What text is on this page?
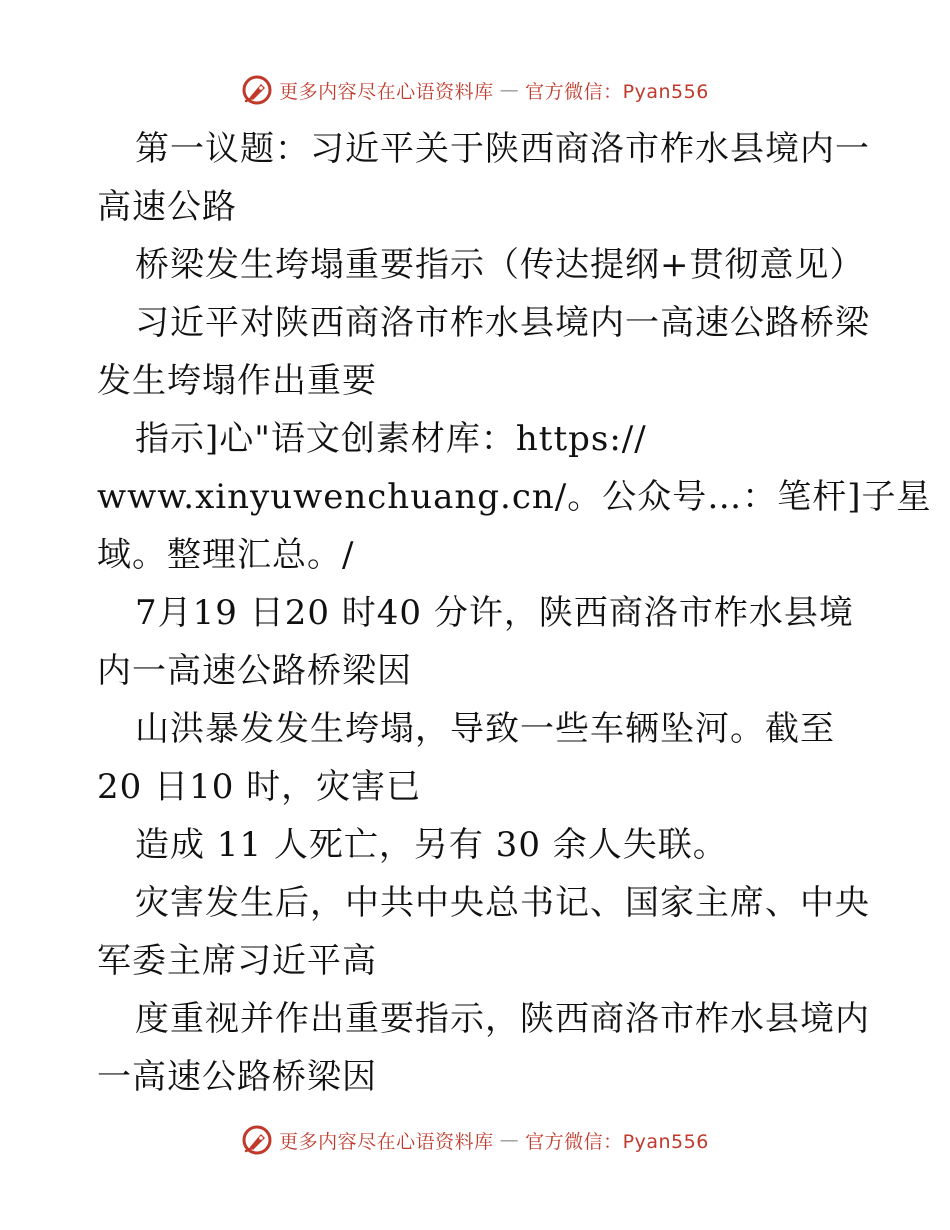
更多内容尽在心语资料库 — 官方微信：Pyan556
第一议题：习近平关于陕西商洛市柞水县境内一
高速公路
桥梁发生垮塌重要指示（传达提纲+贯彻意见）
习近平对陕西商洛市柞水县境内一高速公路桥梁
发生垮塌作出重要
指示]心"语文创素材库：https://
www.xinyuwenchuang.cn/。公众号…：笔杆]子星
域。整理汇总。/
7月19 日20 时40 分许，陕西商洛市柞水县境
内一高速公路桥梁因
山洪暴发发生垮塌，导致一些车辆坠河。截至
20 日10 时，灾害已
造成 11 人死亡，另有 30 余人失联。
灾害发生后，中共中央总书记、国家主席、中央
军委主席习近平高
度重视并作出重要指示，陕西商洛市柞水县境内
一高速公路桥梁因
更多内容尽在心语资料库 — 官方微信：Pyan556
